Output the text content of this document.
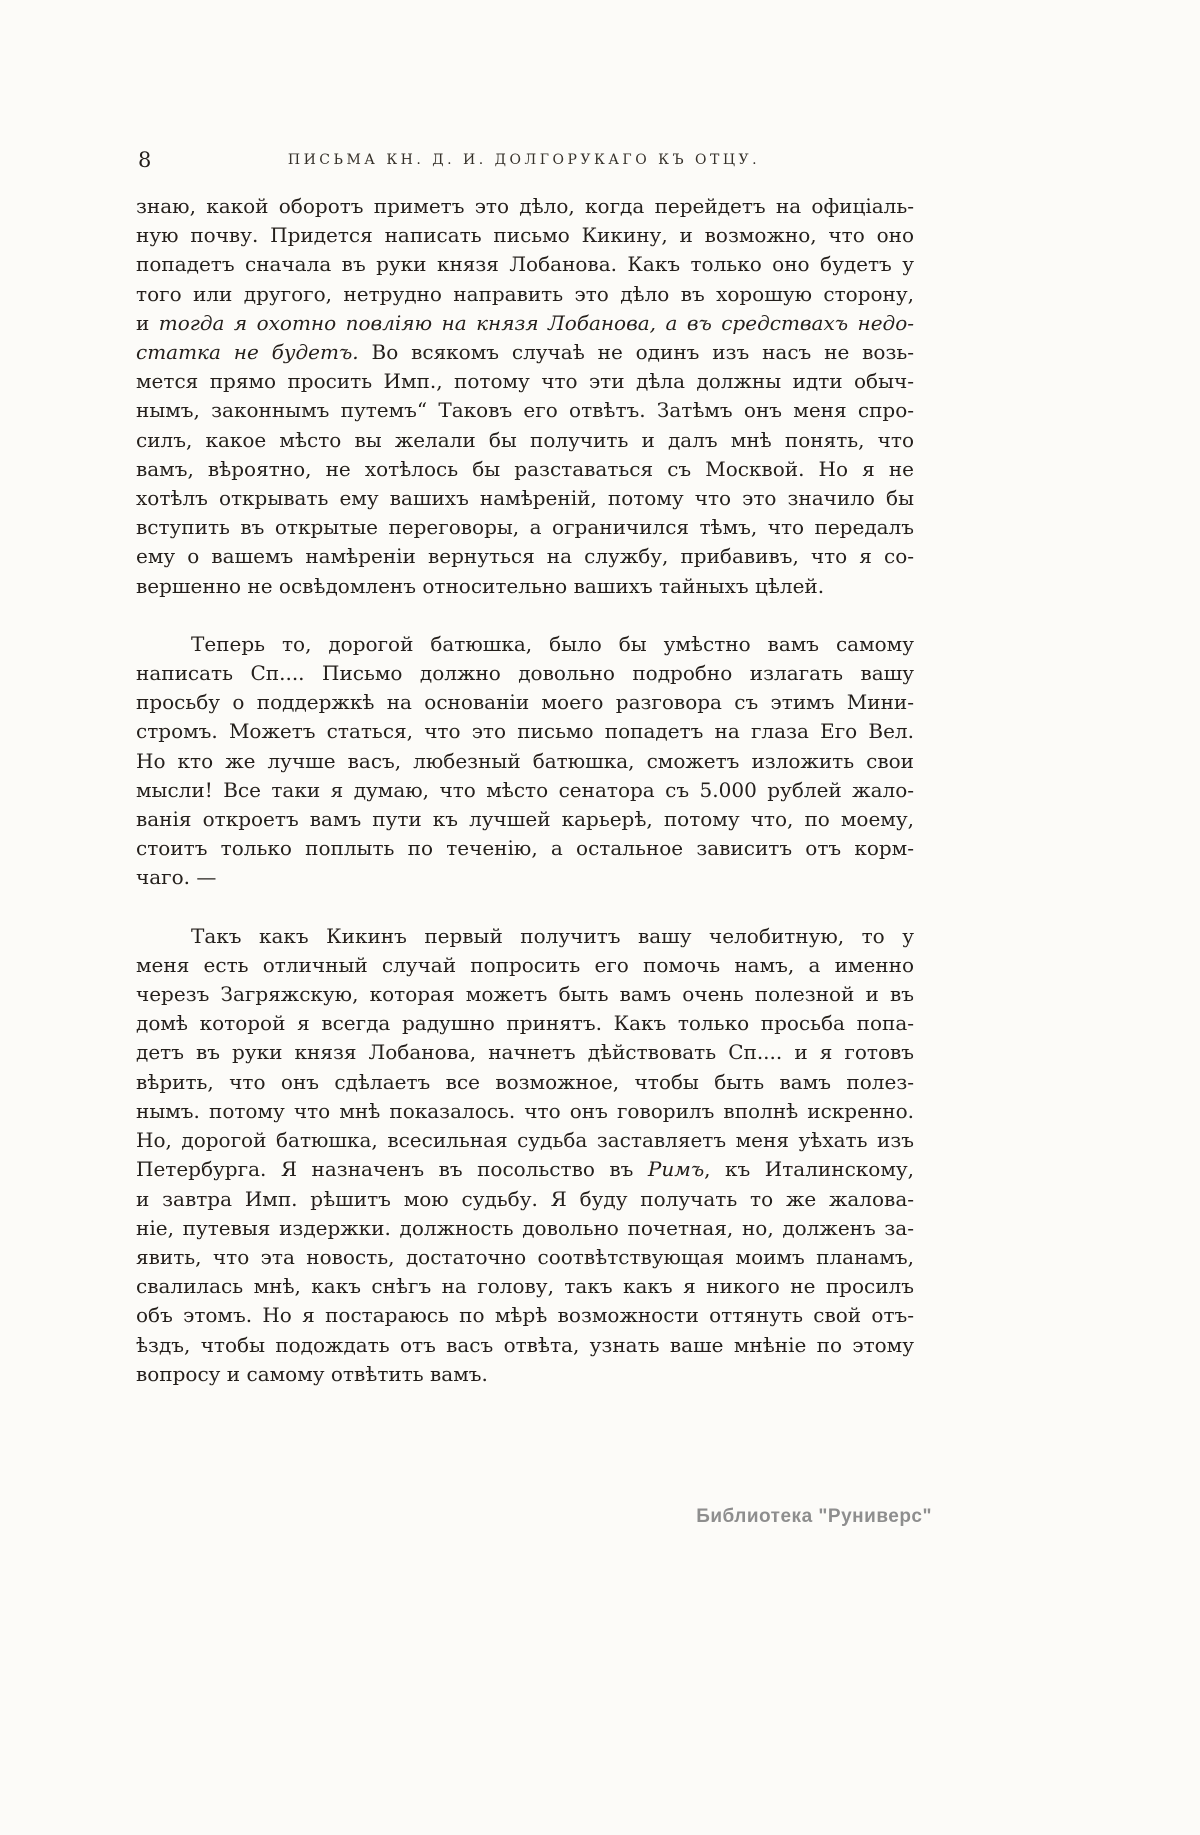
8	ПИСЬМА КН. Д. И. ДОЛГОРУКАГО КЪ ОТЦУ.
знаю, какой оборотъ приметъ это дѣло, когда перейдетъ на офиціаль-
ную почву. Придется написать письмо Кикину, и возможно, что оно
попадетъ сначала въ руки князя Лобанова. Какъ только оно будетъ у
того или другого, нетрудно направить это дѣло въ хорошую сторону,
и тогда я охотно повліяю на князя Лобанова, а въ средствахъ недо-
статка не будетъ. Во всякомъ случаѣ не одинъ изъ насъ не возь-
мется прямо просить Имп., потому что эти дѣла должны идти обыч-
нымъ, законнымъ путемъ“ Таковъ его отвѣтъ. Затѣмъ онъ меня спро-
силъ, какое мѣсто вы желали бы получить и далъ мнѣ понять, что
вамъ, вѣроятно, не хотѣлось бы разставаться съ Москвой. Но я не
хотѣлъ открывать ему вашихъ намѣреній, потому что это значило бы
вступить въ открытые переговоры, а ограничился тѣмъ, что передалъ
ему о вашемъ намѣреніи вернуться на службу, прибавивъ, что я со-
вершенно не освѣдомленъ относительно вашихъ тайныхъ цѣлей.
Теперь то, дорогой батюшка, было бы умѣстно вамъ самому
написать Сп.... Письмо должно довольно подробно излагать вашу
просьбу о поддержкѣ на основаніи моего разговора съ этимъ Мини-
стромъ. Можетъ статься, что это письмо попадетъ на глаза Его Вел.
Но кто же лучше васъ, любезный батюшка, сможетъ изложить свои
мысли! Все таки я думаю, что мѣсто сенатора съ 5.000 рублей жало-
ванія откроетъ вамъ пути къ лучшей карьерѣ, потому что, по моему,
стоитъ только поплыть по теченію, а остальное зависитъ отъ корм-
чаго. —
Такъ какъ Кикинъ первый получитъ вашу челобитную, то у
меня есть отличный случай попросить его помочь намъ, а именно
черезъ Загряжскую, которая можетъ быть вамъ очень полезной и въ
домѣ которой я всегда радушно принятъ. Какъ только просьба попа-
детъ въ руки князя Лобанова, начнетъ дѣйствовать Сп.... и я готовъ
вѣрить, что онъ сдѣлаетъ все возможное, чтобы быть вамъ полез-
нымъ. потому что мнѣ показалось. что онъ говорилъ вполнѣ искренно.
Но, дорогой батюшка, всесильная судьба заставляетъ меня уѣхать изъ
Петербурга. Я назначенъ въ посольство въ Римъ, къ Италинскому,
и завтра Имп. рѣшитъ мою судьбу. Я буду получать то же жалова-
ніе, путевыя издержки. должность довольно почетная, но, долженъ за-
явить, что эта новость, достаточно соотвѣтствующая моимъ планамъ,
свалилась мнѣ, какъ снѣгъ на голову, такъ какъ я никого не просилъ
объ этомъ. Но я постараюсь по мѣрѣ возможности оттянуть свой отъ-
ѣздъ, чтобы подождать отъ васъ отвѣта, узнать ваше мнѣніе по этому
вопросу и самому отвѣтить вамъ.
Библиотека "Руниверс"
